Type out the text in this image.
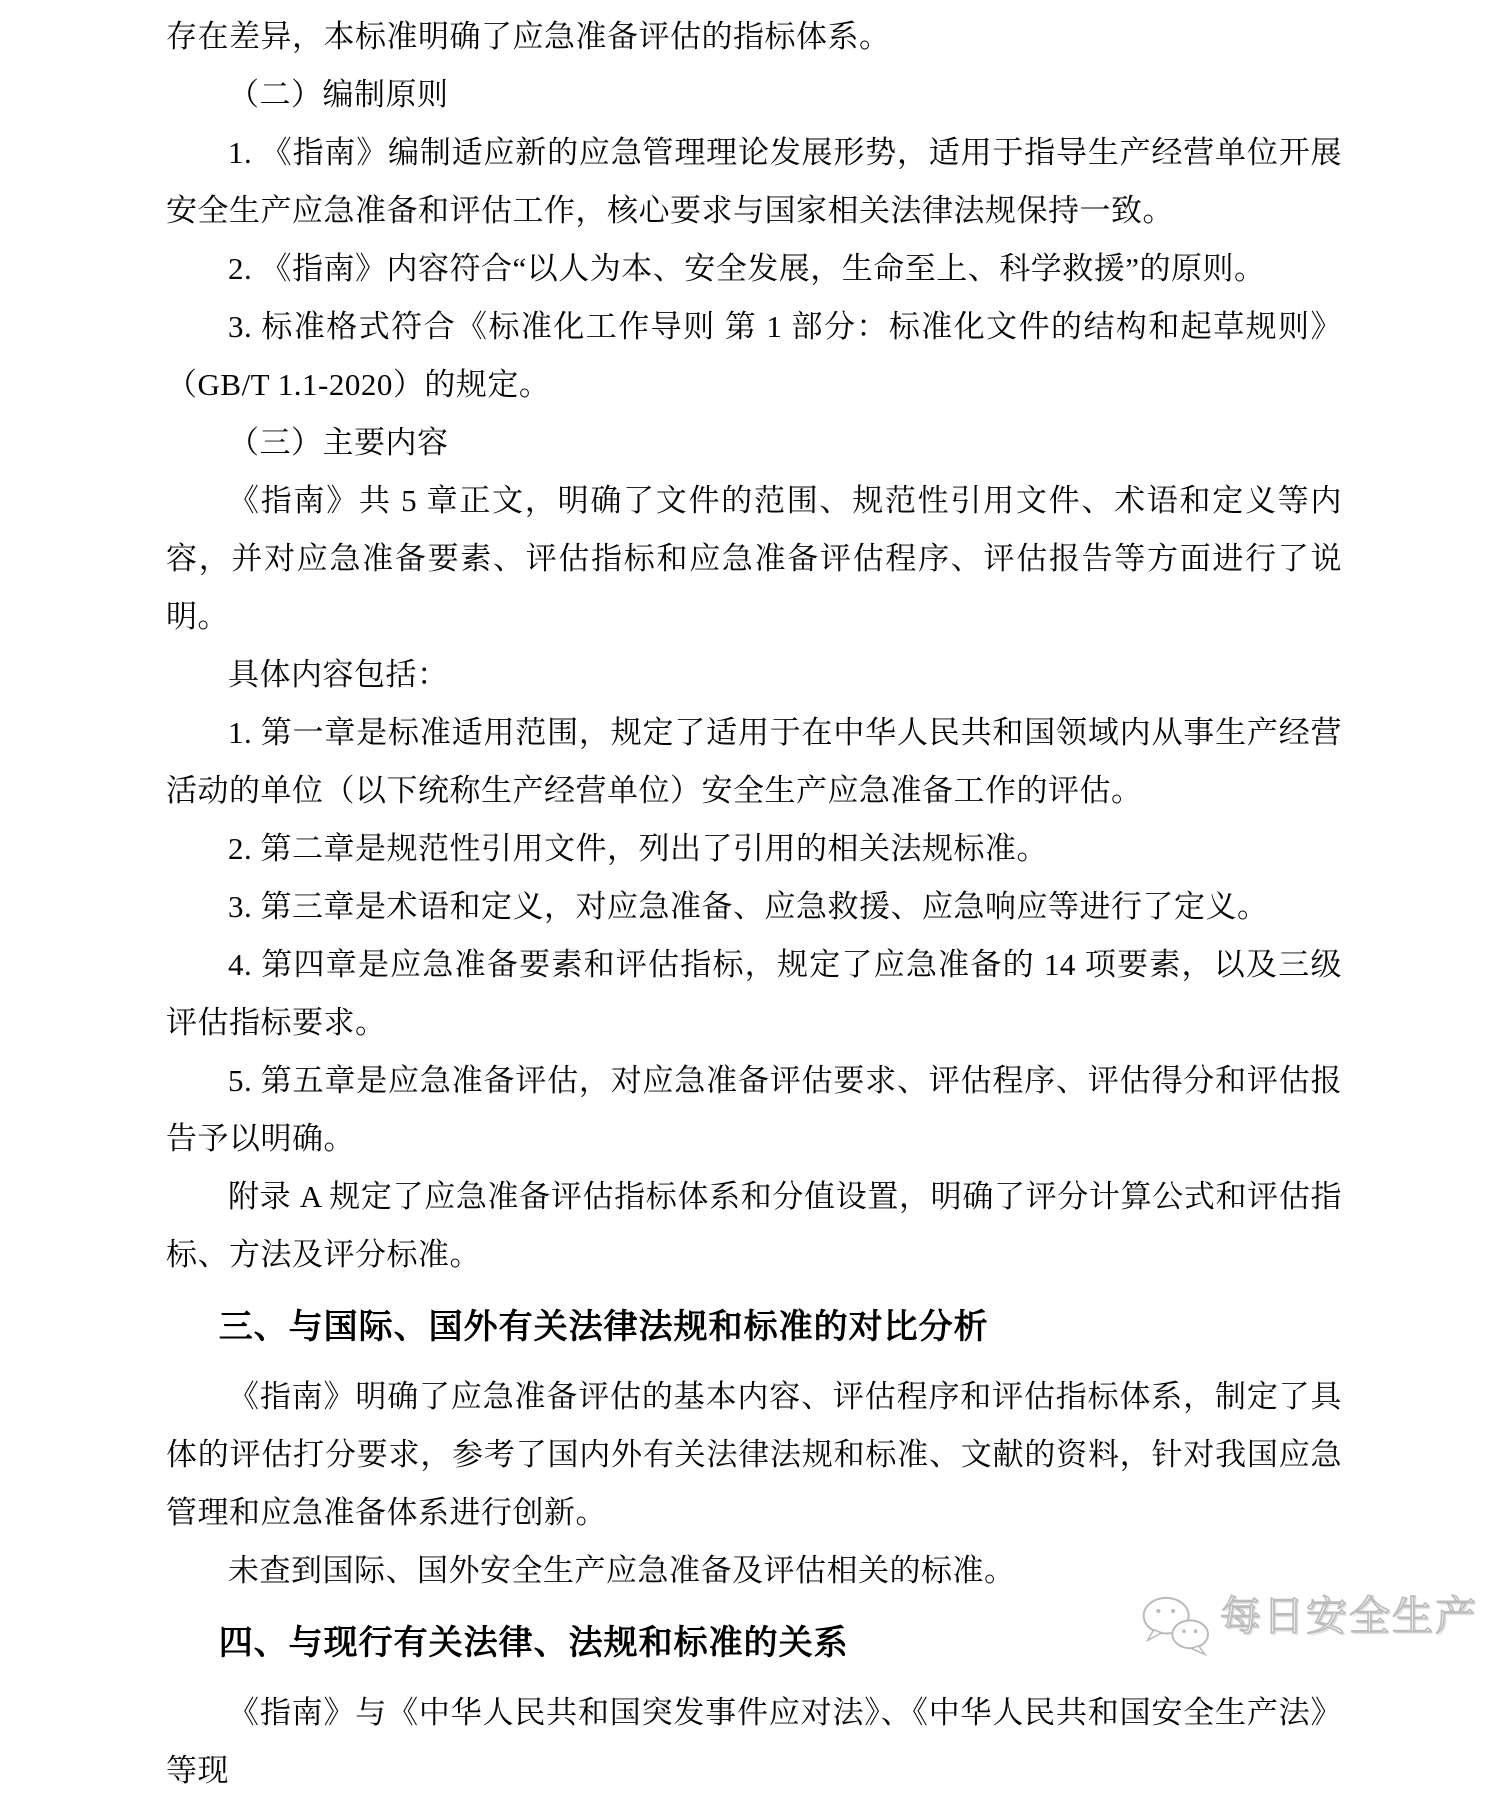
存在差异，本标准明确了应急准备评估的指标体系。

（二）编制原则

1. 《指南》编制适应新的应急管理理论发展形势，适用于指导生产经营单位开展安全生产应急准备和评估工作，核心要求与国家相关法律法规保持一致。

2. 《指南》内容符合“以人为本、安全发展，生命至上、科学救援”的原则。

3. 标准格式符合《标准化工作导则 第 1 部分：标准化文件的结构和起草规则》（GB/T 1.1-2020）的规定。

（三）主要内容

《指南》共 5 章正文，明确了文件的范围、规范性引用文件、术语和定义等内容，并对应急准备要素、评估指标和应急准备评估程序、评估报告等方面进行了说明。

具体内容包括：

1. 第一章是标准适用范围，规定了适用于在中华人民共和国领域内从事生产经营活动的单位（以下统称生产经营单位）安全生产应急准备工作的评估。

2. 第二章是规范性引用文件，列出了引用的相关法规标准。

3. 第三章是术语和定义，对应急准备、应急救援、应急响应等进行了定义。

4. 第四章是应急准备要素和评估指标，规定了应急准备的 14 项要素，以及三级评估指标要求。

5. 第五章是应急准备评估，对应急准备评估要求、评估程序、评估得分和评估报告予以明确。

附录 A 规定了应急准备评估指标体系和分值设置，明确了评分计算公式和评估指标、方法及评分标准。

三、与国际、国外有关法律法规和标准的对比分析

《指南》明确了应急准备评估的基本内容、评估程序和评估指标体系，制定了具体的评估打分要求，参考了国内外有关法律法规和标准、文献的资料，针对我国应急管理和应急准备体系进行创新。

未查到国际、国外安全生产应急准备及评估相关的标准。

四、与现行有关法律、法规和标准的关系

《指南》与《中华人民共和国突发事件应对法》、《中华人民共和国安全生产法》等现

每日安全生产
